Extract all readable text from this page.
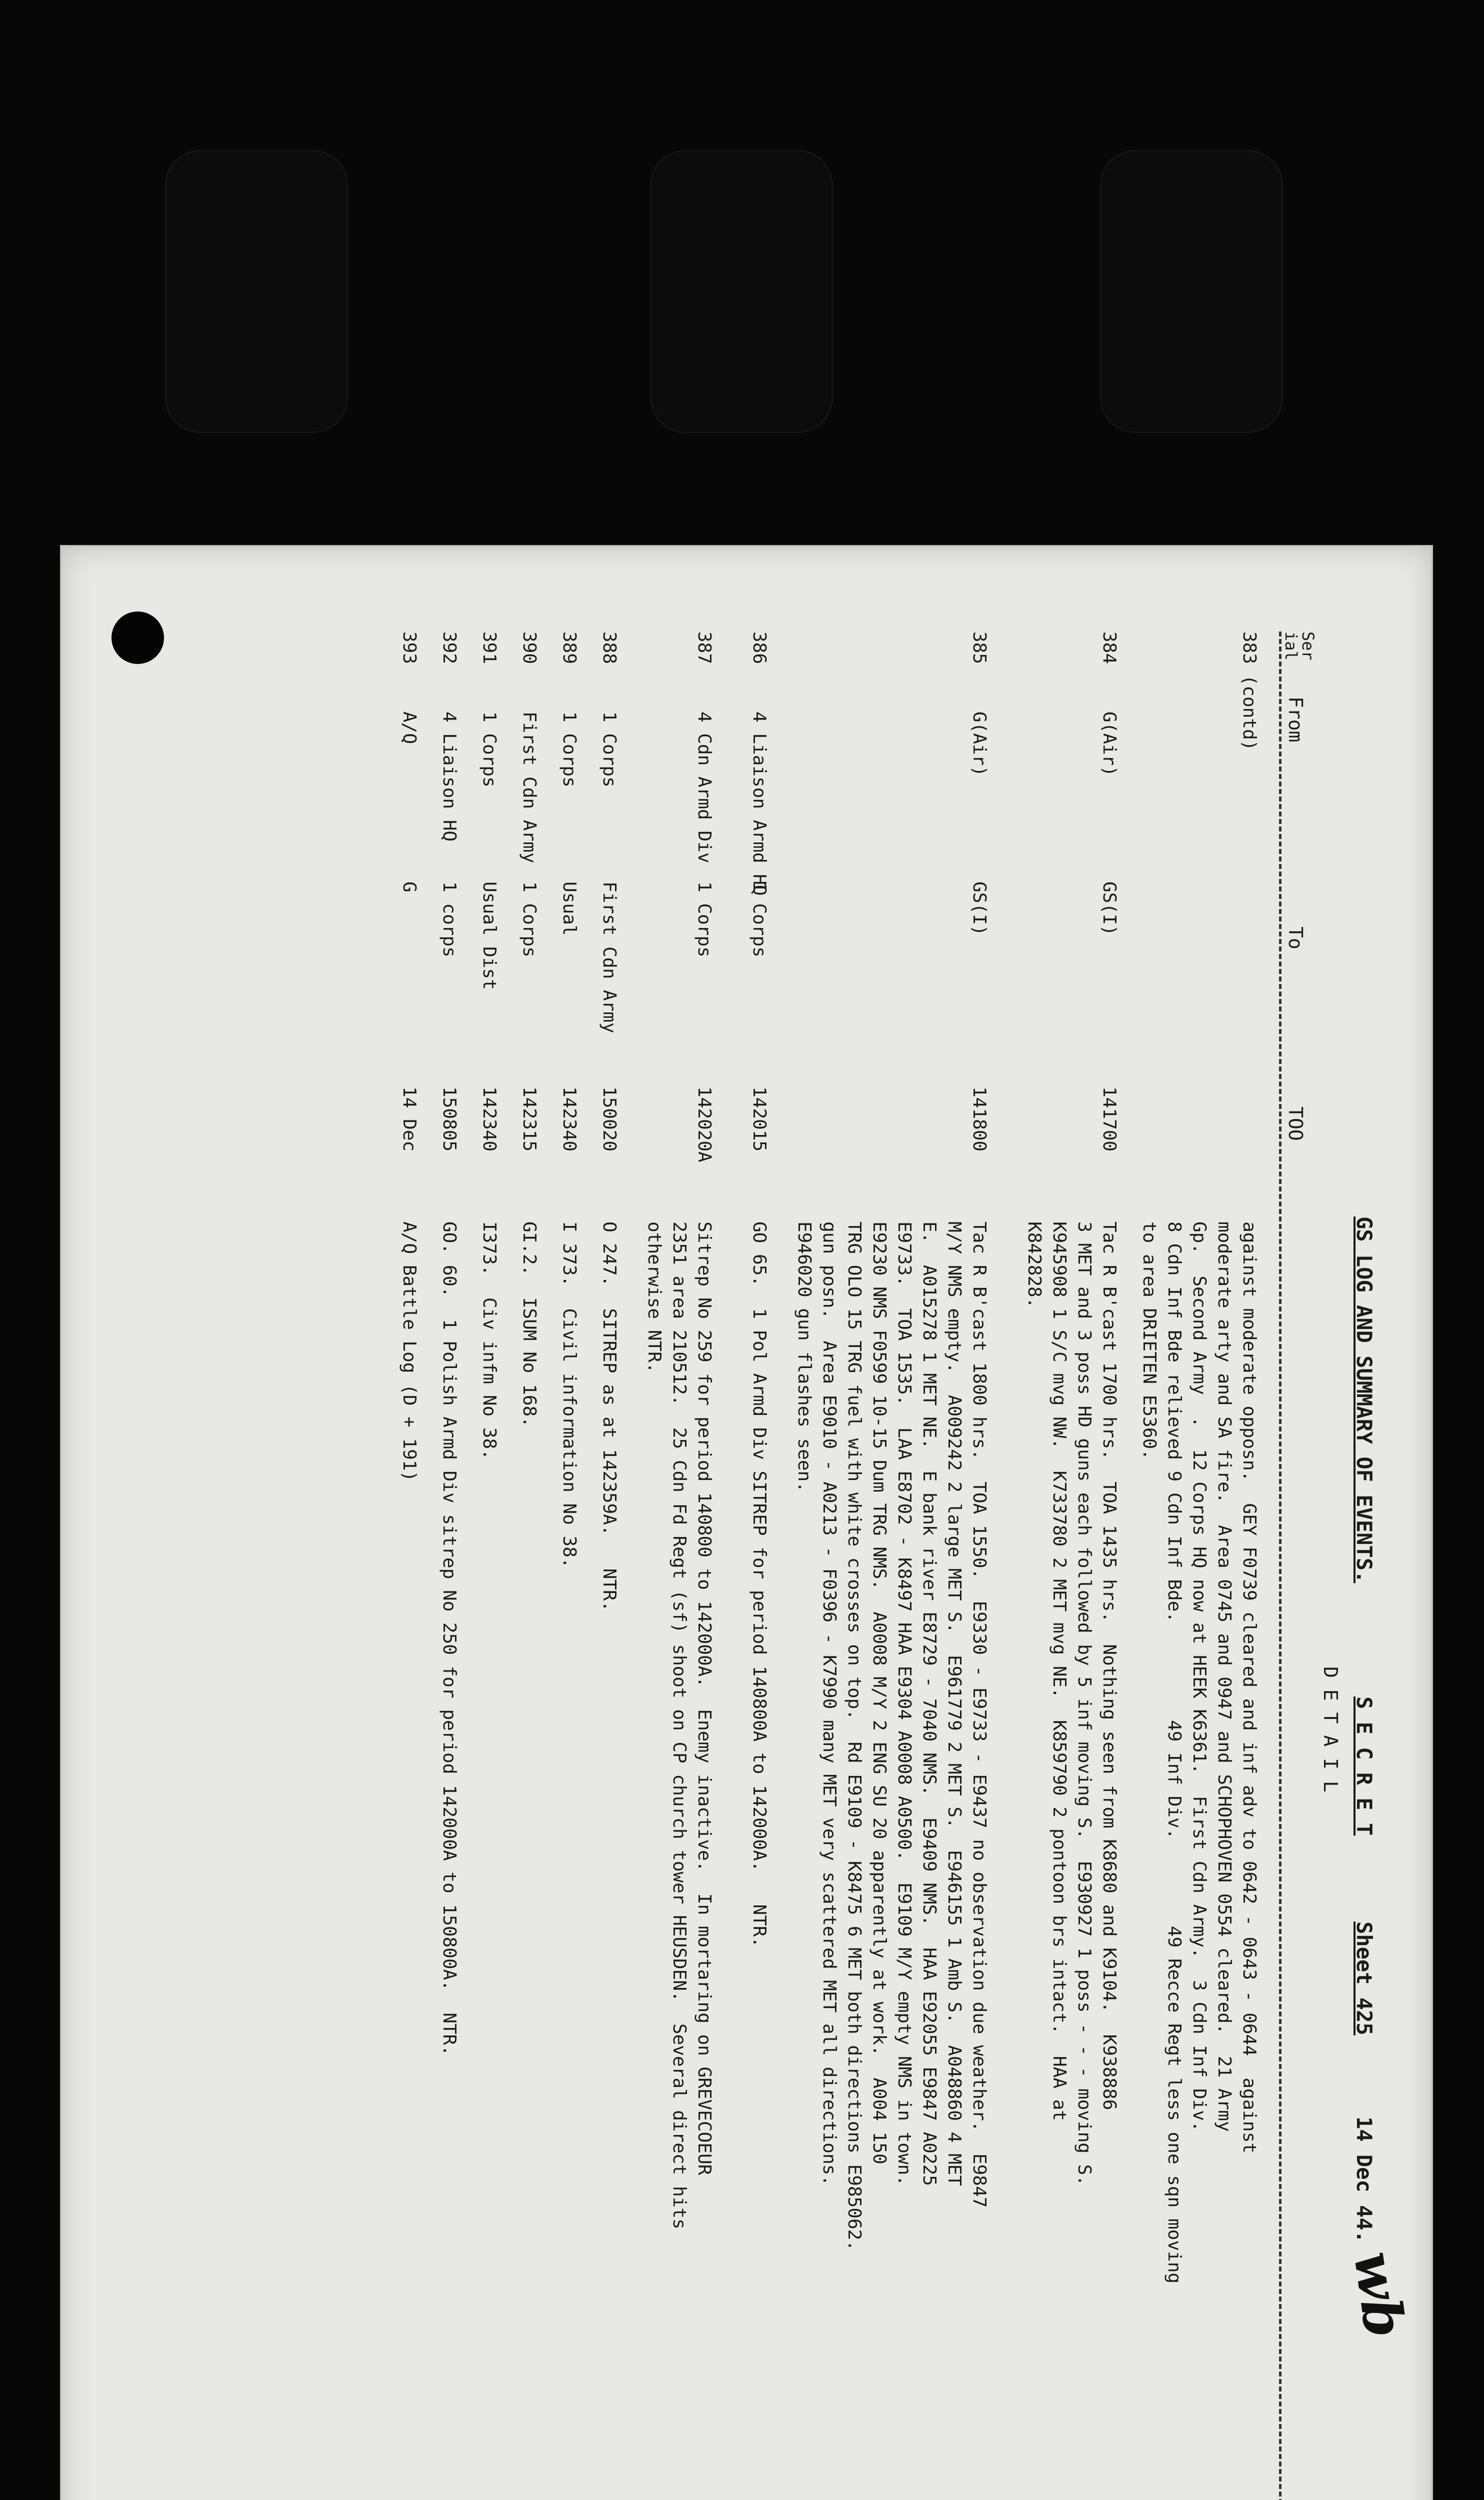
GS LOG AND SUMMARY OF EVENTS.
S E C R E T
Sheet 425
14 Dec 44.
wb
Ser
ial
From
To
TOO
D E T A I L
383 (contd)
against moderate opposn.  GEY F0739 cleared and inf adv to 0642 - 0643 - 0644  against
moderate arty and SA fire.  Area 0745 and 0947 and SCHOPHOVEN 0554 cleared.  21 Army
Gp.  Second Army  .  12 Corps HQ now at HEEK K6361.  First Cdn Army.  3 Cdn Inf Div.
8 Cdn Inf Bde relieved 9 Cdn Inf Bde.         49 Inf Div.        49 Recce Regt less one sqn moving
to area DRIETEN E5360.
384
G(Air)
GS(I)
141700
Tac R B'cast 1700 hrs.  TOA 1435 hrs.  Nothing seen from K8680 and K9104.  K938886
3 MET and 3 poss HD guns each followed by 5 inf moving S.  E930927 1 poss - - - moving S.
K945908 1 S/C mvg NW.  K733780 2 MET mvg NE.  K859790 2 pontoon brs intact.  HAA at
K842828.
385
G(Air)
GS(I)
141800
Tac R B'cast 1800 hrs.  TOA 1550.  E9330 - E9733 - E9437 no observation due weather.  E9847
M/Y NMS empty.  A009242 2 large MET S.  E961779 2 MET S.  E946155 1 Amb S.  A048860 4 MET
E.  A015278 1 MET NE.  E bank river E8729 - 7040 NMS.  E9409 NMS.  HAA E92055 E9847 A0225
E9733.  TOA 1535.  LAA E8702 - K8497 HAA E9304 A0008 A0500.  E9109 M/Y empty NMS in town.
E9230 NMS F0599 10-15 Dum TRG NMS.  A0008 M/Y 2 ENG SU 20 apparently at work.  A004 150
TRG OLO 15 TRG fuel with white crosses on top.  Rd E9109 - K8475 6 MET both directions E985062.
gun posn.  Area E9010 - A0213 - F0396 - K7990 many MET very scattered MET all directions.
E946020 gun flashes seen.
386
4 Liaison Armd HQ
1 Corps
142015
GO 65.  1 Pol Armd Div SITREP for period 140800A to 142000A.   NTR.
387
4 Cdn Armd Div
1 Corps
142020A
Sitrep No 259 for period 140800 to 142000A.  Enemy inactive.  In mortaring on GREVECOEUR
2351 area 210512.  25 Cdn Fd Regt (sf) shoot on CP church tower HEUSDEN.  Several direct hits
otherwise NTR.
388
1 Corps
First Cdn Army
150020
O 247.  SITREP as at 142359A.   NTR.
389
1 Corps
Usual
142340
I 373.  Civil information No 38.
390
First Cdn Army
1 Corps
142315
GI.2.  ISUM No 168.
391
1 Corps
Usual Dist
142340
I373.  Civ infm No 38.
392
4 Liaison HQ
1 corps
150805
GO. 60.  1 Polish Armd Div sitrep No 250 for period 142000A to 150800A.  NTR.
393
A/Q
G
14 Dec
A/Q Battle Log (D + 191)
